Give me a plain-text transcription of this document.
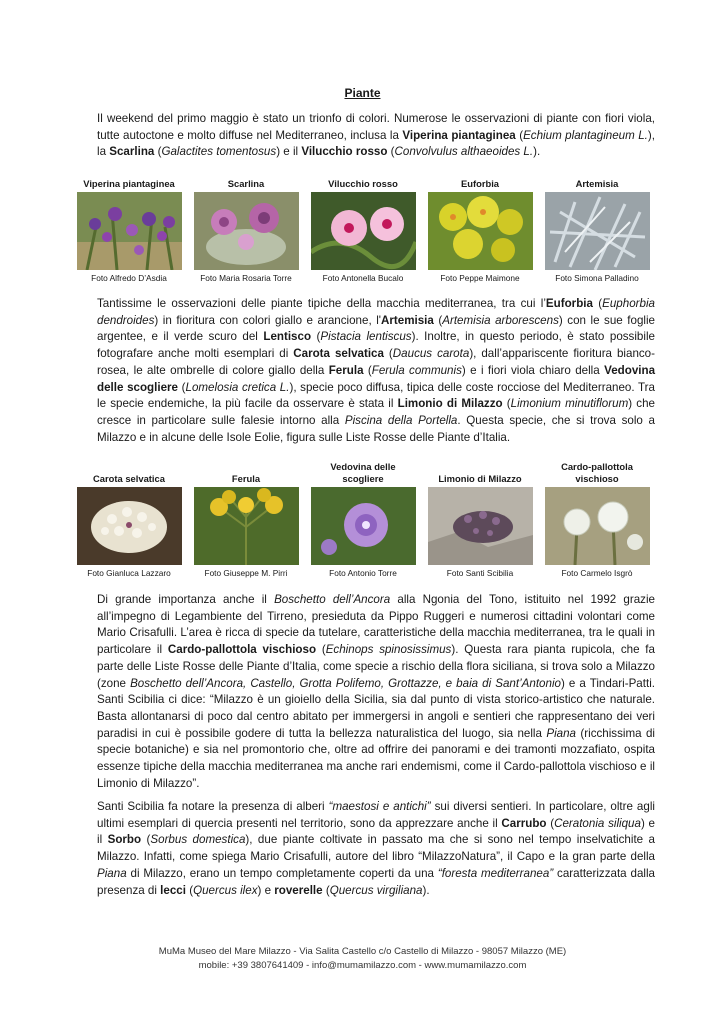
Piante

Il weekend del primo maggio è stato un trionfo di colori. Numerose le osservazioni di piante con fiori viola, tutte autoctone e molto diffuse nel Mediterraneo, inclusa la Viperina piantaginea (Echium plantagineum L.), la Scarlina (Galactites tomentosus) e il Vilucchio rosso (Convolvulus althaeoides L.).

Viperina piantaginea
Foto Alfredo D’Asdia
Scarlina
Foto Maria Rosaria Torre
Vilucchio rosso
Foto Antonella Bucalo
Euforbia
Foto Peppe Maimone
Artemisia
Foto Simona Palladino

Tantissime le osservazioni delle piante tipiche della macchia mediterranea, tra cui l’Euforbia (Euphorbia dendroides) in fioritura con colori giallo e arancione, l'Artemisia (Artemisia arborescens) con le sue foglie argentee, e il verde scuro del Lentisco (Pistacia lentiscus). Inoltre, in questo periodo, è stato possibile fotografare anche molti esemplari di Carota selvatica (Daucus carota), dall’appariscente fioritura bianco-rosea, le alte ombrelle di colore giallo della Ferula (Ferula communis) e i fiori viola chiaro della Vedovina delle scogliere (Lomelosia cretica L.), specie poco diffusa, tipica delle coste rocciose del Mediterraneo. Tra le specie endemiche, la più facile da osservare è stata il Limonio di Milazzo (Limonium minutiflorum) che cresce in particolare sulle falesie intorno alla Piscina della Portella. Questa specie, che si trova solo a Milazzo e in alcune delle Isole Eolie, figura sulle Liste Rosse delle Piante d’Italia.

Carota selvatica
Foto Gianluca Lazzaro
Ferula
Foto Giuseppe M. Pirri
Vedovina delle scogliere
Foto Antonio Torre
Limonio di Milazzo
Foto Santi Scibilia
Cardo-pallottola vischioso
Foto Carmelo Isgrò

Di grande importanza anche il Boschetto dell’Ancora alla Ngonia del Tono, istituito nel 1992 grazie all’impegno di Legambiente del Tirreno, presieduta da Pippo Ruggeri e numerosi cittadini volontari come Mario Crisafulli. L’area è ricca di specie da tutelare, caratteristiche della macchia mediterranea, tra le quali in particolare il Cardo-pallottola vischioso (Echinops spinosissimus). Questa rara pianta rupicola, che fa parte delle Liste Rosse delle Piante d’Italia, come specie a rischio della flora siciliana, si trova solo a Milazzo (zone Boschetto dell’Ancora, Castello, Grotta Polifemo, Grottazze, e baia di Sant’Antonio) e a Tindari-Patti. Santi Scibilia ci dice: “Milazzo è un gioiello della Sicilia, sia dal punto di vista storico-artistico che naturale. Basta allontanarsi di poco dal centro abitato per immergersi in angoli e sentieri che rappresentano dei veri paradisi in cui è possibile godere di tutta la bellezza naturalistica del luogo, sia nella Piana (ricchissima di specie botaniche) e sia nel promontorio che, oltre ad offrire dei panorami e dei tramonti mozzafiato, ospita essenze tipiche della macchia mediterranea ma anche rari endemismi, come il Cardo-pallottola vischioso e il Limonio di Milazzo”.

Santi Scibilia fa notare la presenza di alberi “maestosi e antichi” sui diversi sentieri. In particolare, oltre agli ultimi esemplari di quercia presenti nel territorio, sono da apprezzare anche il Carrubo (Ceratonia siliqua) e il Sorbo (Sorbus domestica), due piante coltivate in passato ma che si sono nel tempo inselvatichite a Milazzo. Infatti, come spiega Mario Crisafulli, autore del libro “MilazzoNatura”, il Capo e la gran parte della Piana di Milazzo, erano un tempo completamente coperti da una “foresta mediterranea” caratterizzata dalla presenza di lecci (Quercus ilex) e roverelle (Quercus virgiliana).

MuMa Museo del Mare Milazzo - Via Salita Castello c/o Castello di Milazzo - 98057 Milazzo (ME)
mobile: +39 3807641409 - info@mumamilazzo.com - www.mumamilazzo.com
